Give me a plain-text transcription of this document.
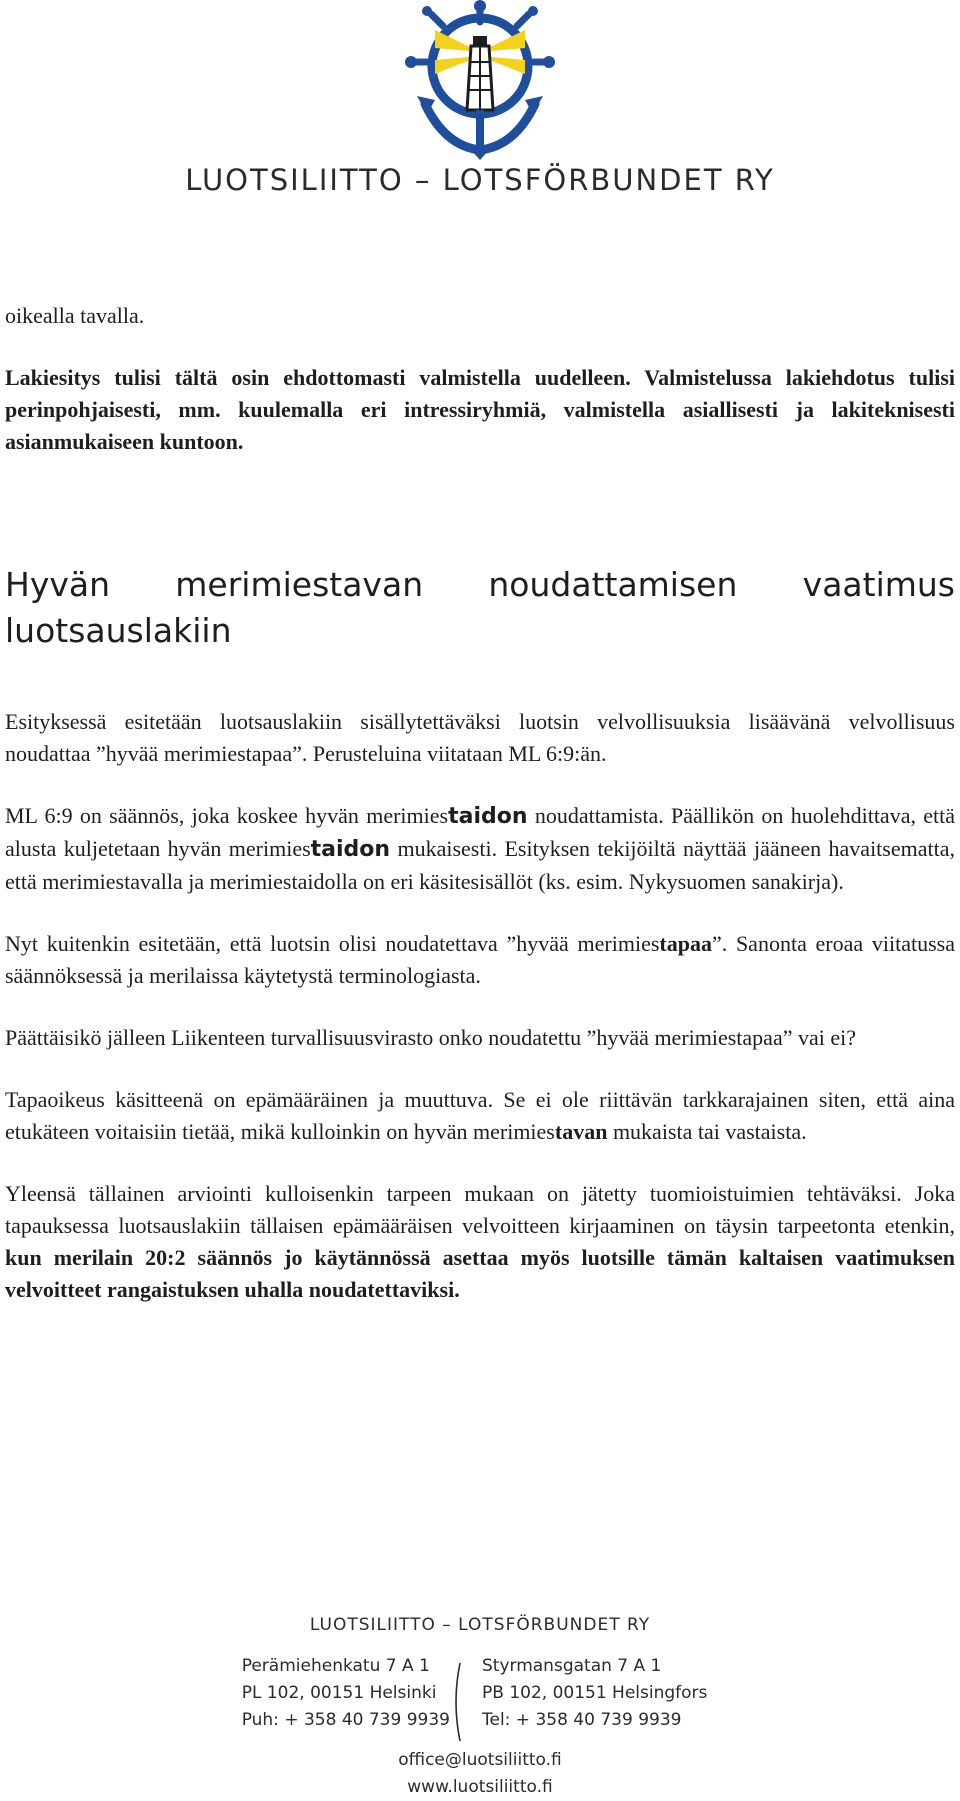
LUOTSILIITTO – LOTSFÖRBUNDET RY

oikealla tavalla.

Lakiesitys tulisi tältä osin ehdottomasti valmistella uudelleen. Valmistelussa lakiehdotus tulisi perinpohjaisesti, mm. kuulemalla eri intressiryhmiä, valmistella asiallisesti ja lakiteknisesti asianmukaiseen kuntoon.

Hyvän merimiestavan noudattamisen vaatimus
luotsauslakiin

Esityksessä esitetään luotsauslakiin sisällytettäväksi luotsin velvollisuuksia lisäävänä velvollisuus noudattaa ”hyvää merimiestapaa”. Perusteluina viitataan ML 6:9:än.

ML 6:9 on säännös, joka koskee hyvän merimiestaidon noudattamista. Päällikön on huolehdittava, että alusta kuljetetaan hyvän merimiestaidon mukaisesti. Esityksen tekijöiltä näyttää jääneen havaitsematta, että merimiestavalla ja merimiestaidolla on eri käsitesisällöt (ks. esim. Nykysuomen sanakirja).

Nyt kuitenkin esitetään, että luotsin olisi noudatettava ”hyvää merimiestapaa”. Sanonta eroaa viitatussa säännöksessä ja merilaissa käytetystä terminologiasta.

Päättäisikö jälleen Liikenteen turvallisuusvirasto onko noudatettu ”hyvää merimiestapaa” vai ei?

Tapaoikeus käsitteenä on epämääräinen ja muuttuva. Se ei ole riittävän tarkkarajainen siten, että aina etukäteen voitaisiin tietää, mikä kulloinkin on hyvän merimiestavan mukaista tai vastaista.

Yleensä tällainen arviointi kulloisenkin tarpeen mukaan on jätetty tuomioistuimien tehtäväksi. Joka tapauksessa luotsauslakiin tällaisen epämääräisen velvoitteen kirjaaminen on täysin tarpeetonta etenkin, kun merilain 20:2 säännös jo käytännössä asettaa myös luotsille tämän kaltaisen vaatimuksen velvoitteet rangaistuksen uhalla noudatettaviksi.

LUOTSILIITTO – LOTSFÖRBUNDET RY
Perämiehenkatu 7 A 1
PL 102, 00151 Helsinki
Puh: + 358 40 739 9939
Styrmansgatan 7 A 1
PB 102, 00151 Helsingfors
Tel: + 358 40 739 9939
office@luotsiliitto.fi
www.luotsiliitto.fi
